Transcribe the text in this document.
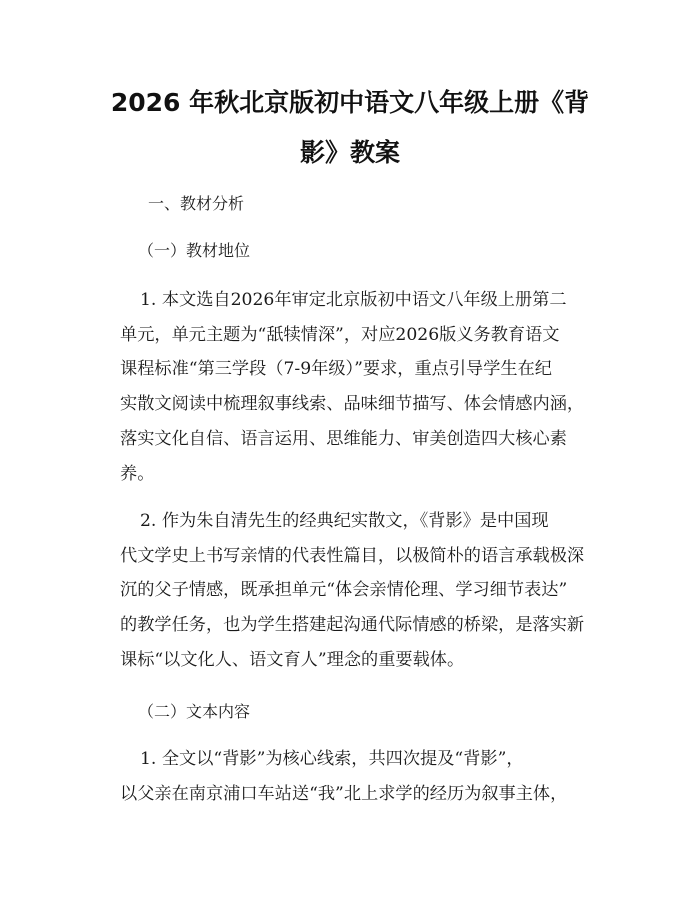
2026 年秋北京版初中语文八年级上册《背
影》教案

一、教材分析

（一）教材地位

1. 本文选自2026年审定北京版初中语文八年级上册第二
单元，单元主题为“舐犊情深”，对应2026版义务教育语文
课程标准“第三学段（7-9年级）”要求，重点引导学生在纪
实散文阅读中梳理叙事线索、品味细节描写、体会情感内涵，
落实文化自信、语言运用、思维能力、审美创造四大核心素
养。

2. 作为朱自清先生的经典纪实散文，《背影》是中国现
代文学史上书写亲情的代表性篇目，以极简朴的语言承载极深
沉的父子情感，既承担单元“体会亲情伦理、学习细节表达”
的教学任务，也为学生搭建起沟通代际情感的桥梁，是落实新
课标“以文化人、语文育人”理念的重要载体。

（二）文本内容

1. 全文以“背影”为核心线索，共四次提及“背影”，
以父亲在南京浦口车站送“我”北上求学的经历为叙事主体，
